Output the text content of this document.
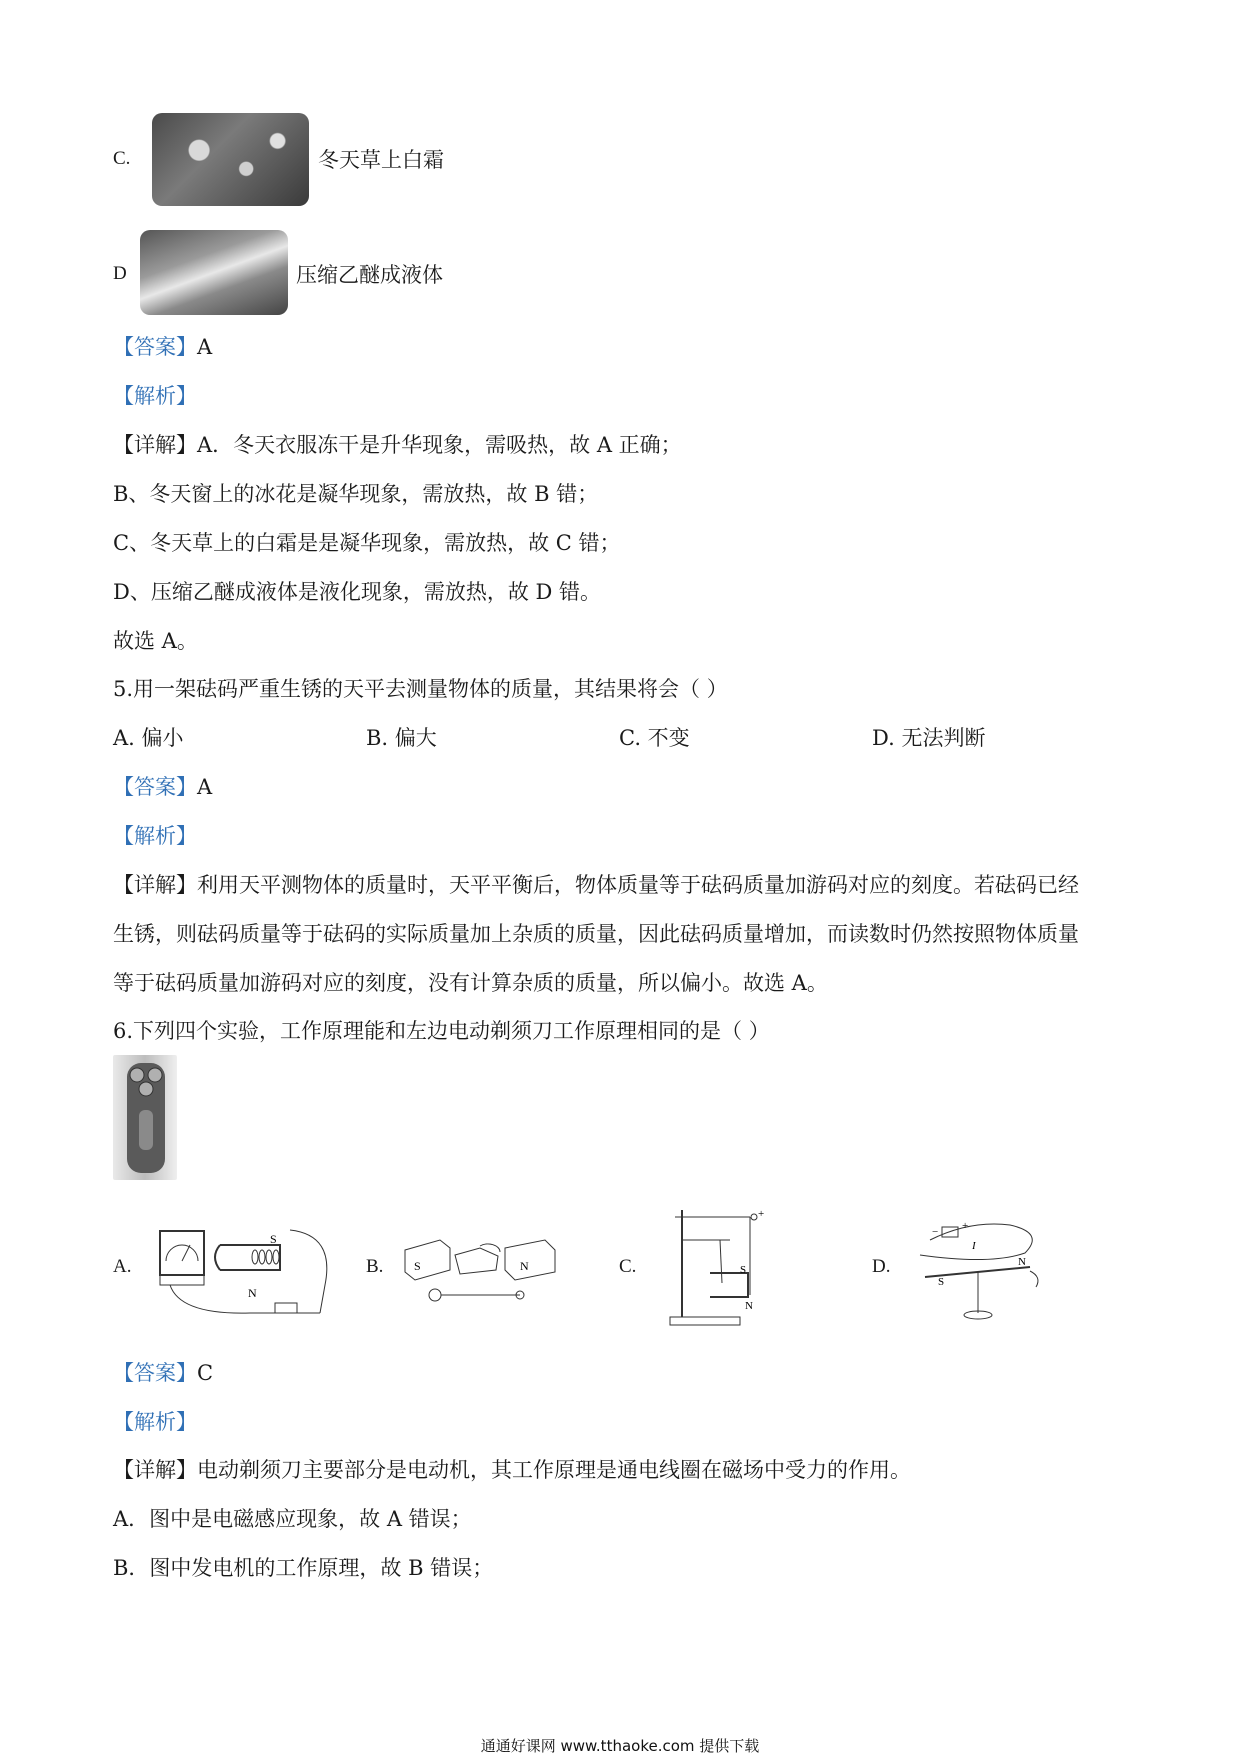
C.	冬天草上白霜
D	压缩乙醚成液体
【答案】A
【解析】
【详解】A．冬天衣服冻干是升华现象，需吸热，故 A 正确；
B、冬天窗上的冰花是凝华现象，需放热，故 B 错；
C、冬天草上的白霜是是凝华现象，需放热，故 C 错；
D、压缩乙醚成液体是液化现象，需放热，故 D 错。
故选 A。
5.用一架砝码严重生锈的天平去测量物体的质量，其结果将会（ ）
A. 偏小	B. 偏大	C. 不变	D. 无法判断
【答案】A
【解析】
【详解】利用天平测物体的质量时，天平平衡后，物体质量等于砝码质量加游码对应的刻度。若砝码已经
生锈，则砝码质量等于砝码的实际质量加上杂质的质量，因此砝码质量增加，而读数时仍然按照物体质量
等于砝码质量加游码对应的刻度，没有计算杂质的质量，所以偏小。故选 A。
6.下列四个实验，工作原理能和左边电动剃须刀工作原理相同的是（ ）
A.	B.	C.	D.
S
N
S	N	S
N
+
+
−
I
S
N
【答案】C
【解析】
【详解】电动剃须刀主要部分是电动机，其工作原理是通电线圈在磁场中受力的作用。
A．图中是电磁感应现象，故 A 错误；
B．图中发电机的工作原理，故 B 错误；
通通好课网 www.tthaoke.com 提供下载
